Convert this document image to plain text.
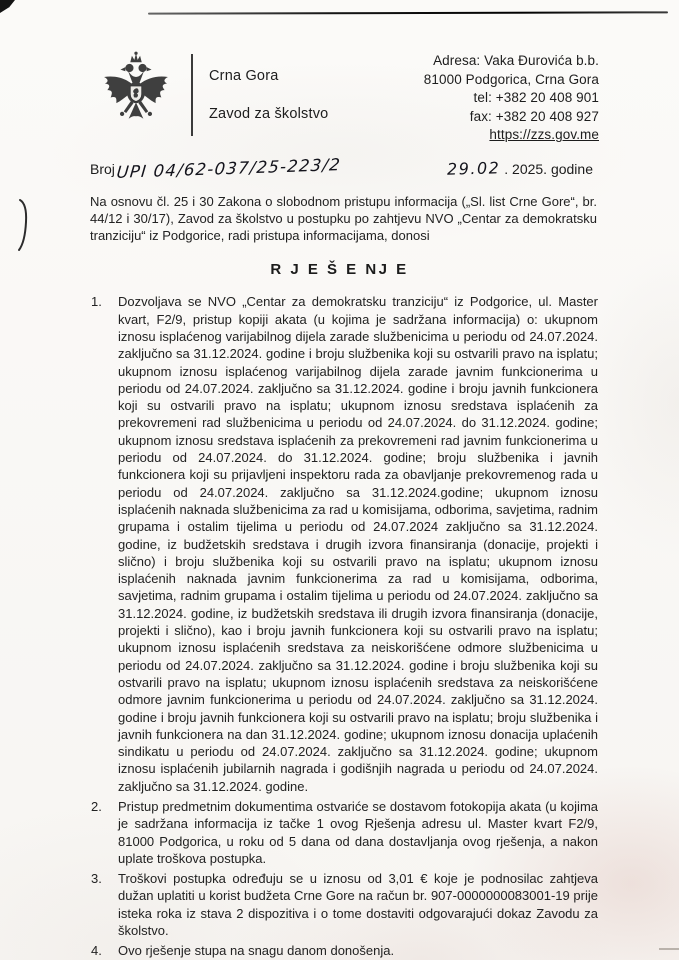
Crna Gora
Zavod za školstvo
Adresa: Vaka Đurovića b.b.
81000 Podgorica, Crna Gora
tel: +382 20 408 901
fax: +382 20 408 927
https://zzs.gov.me
Broj UPI 04/62-037/25-223/2	29.02 . 2025. godine

Na osnovu čl. 25 i 30 Zakona o slobodnom pristupu informacija („Sl. list Crne Gore“, br. 44/12 i 30/17), Zavod za školstvo u postupku po zahtjevu NVO „Centar za demokratsku tranziciju“ iz Podgorice, radi pristupa informacijama, donosi

R J E Š E NJ E
1.	Dozvoljava se NVO „Centar za demokratsku tranziciju“ iz Podgorice, ul. Master kvart, F2/9, pristup kopiji akata (u kojima je sadržana informacija) o: ukupnom iznosu isplaćenog varijabilnog dijela zarade službenicima u periodu od 24.07.2024. zaključno sa 31.12.2024. godine i broju službenika koji su ostvarili pravo na isplatu; ukupnom iznosu isplaćenog varijabilnog dijela zarade javnim funkcionerima u periodu od 24.07.2024. zaključno sa 31.12.2024. godine i broju javnih funkcionera koji su ostvarili pravo na isplatu; ukupnom iznosu sredstava isplaćenih za prekovremeni rad službenicima u periodu od 24.07.2024. do 31.12.2024. godine; ukupnom iznosu sredstava isplaćenih za prekovremeni rad javnim funkcionerima u periodu od 24.07.2024. do 31.12.2024. godine; broju službenika i javnih funkcionera koji su prijavljeni inspektoru rada za obavljanje prekovremenog rada u periodu od 24.07.2024. zaključno sa 31.12.2024.godine; ukupnom iznosu isplaćenih naknada službenicima za rad u komisijama, odborima, savjetima, radnim grupama i ostalim tijelima u periodu od 24.07.2024 zaključno sa 31.12.2024. godine, iz budžetskih sredstava i drugih izvora finansiranja (donacije, projekti i slično) i broju službenika koji su ostvarili pravo na isplatu; ukupnom iznosu isplaćenih naknada javnim funkcionerima za rad u komisijama, odborima, savjetima, radnim grupama i ostalim tijelima u periodu od 24.07.2024. zaključno sa 31.12.2024. godine, iz budžetskih sredstava ili drugih izvora finansiranja (donacije, projekti i slično), kao i broju javnih funkcionera koji su ostvarili pravo na isplatu; ukupnom iznosu isplaćenih sredstava za neiskorišćene odmore službenicima u periodu od 24.07.2024. zaključno sa 31.12.2024. godine i broju službenika koji su ostvarili pravo na isplatu; ukupnom iznosu isplaćenih sredstava za neiskorišćene odmore javnim funkcionerima u periodu od 24.07.2024. zaključno sa 31.12.2024. godine i broju javnih funkcionera koji su ostvarili pravo na isplatu; broju službenika i javnih funkcionera na dan 31.12.2024. godine; ukupnom iznosu donacija uplaćenih sindikatu u periodu od 24.07.2024. zaključno sa 31.12.2024. godine; ukupnom iznosu isplaćenih jubilarnih nagrada i godišnjih nagrada u periodu od 24.07.2024. zaključno sa 31.12.2024. godine.
2.	Pristup predmetnim dokumentima ostvariće se dostavom fotokopija akata (u kojima je sadržana informacija iz tačke 1 ovog Rješenja adresu ul. Master kvart F2/9, 81000 Podgorica, u roku od 5 dana od dana dostavljanja ovog rješenja, a nakon uplate troškova postupka.
3.	Troškovi postupka određuju se u iznosu od 3,01 € koje je podnosilac zahtjeva dužan uplatiti u korist budžeta Crne Gore na račun br. 907-0000000083001-19 prije isteka roka iz stava 2 dispozitiva i o tome dostaviti odgovarajući dokaz Zavodu za školstvo.
4.	Ovo rješenje stupa na snagu danom donošenja.
